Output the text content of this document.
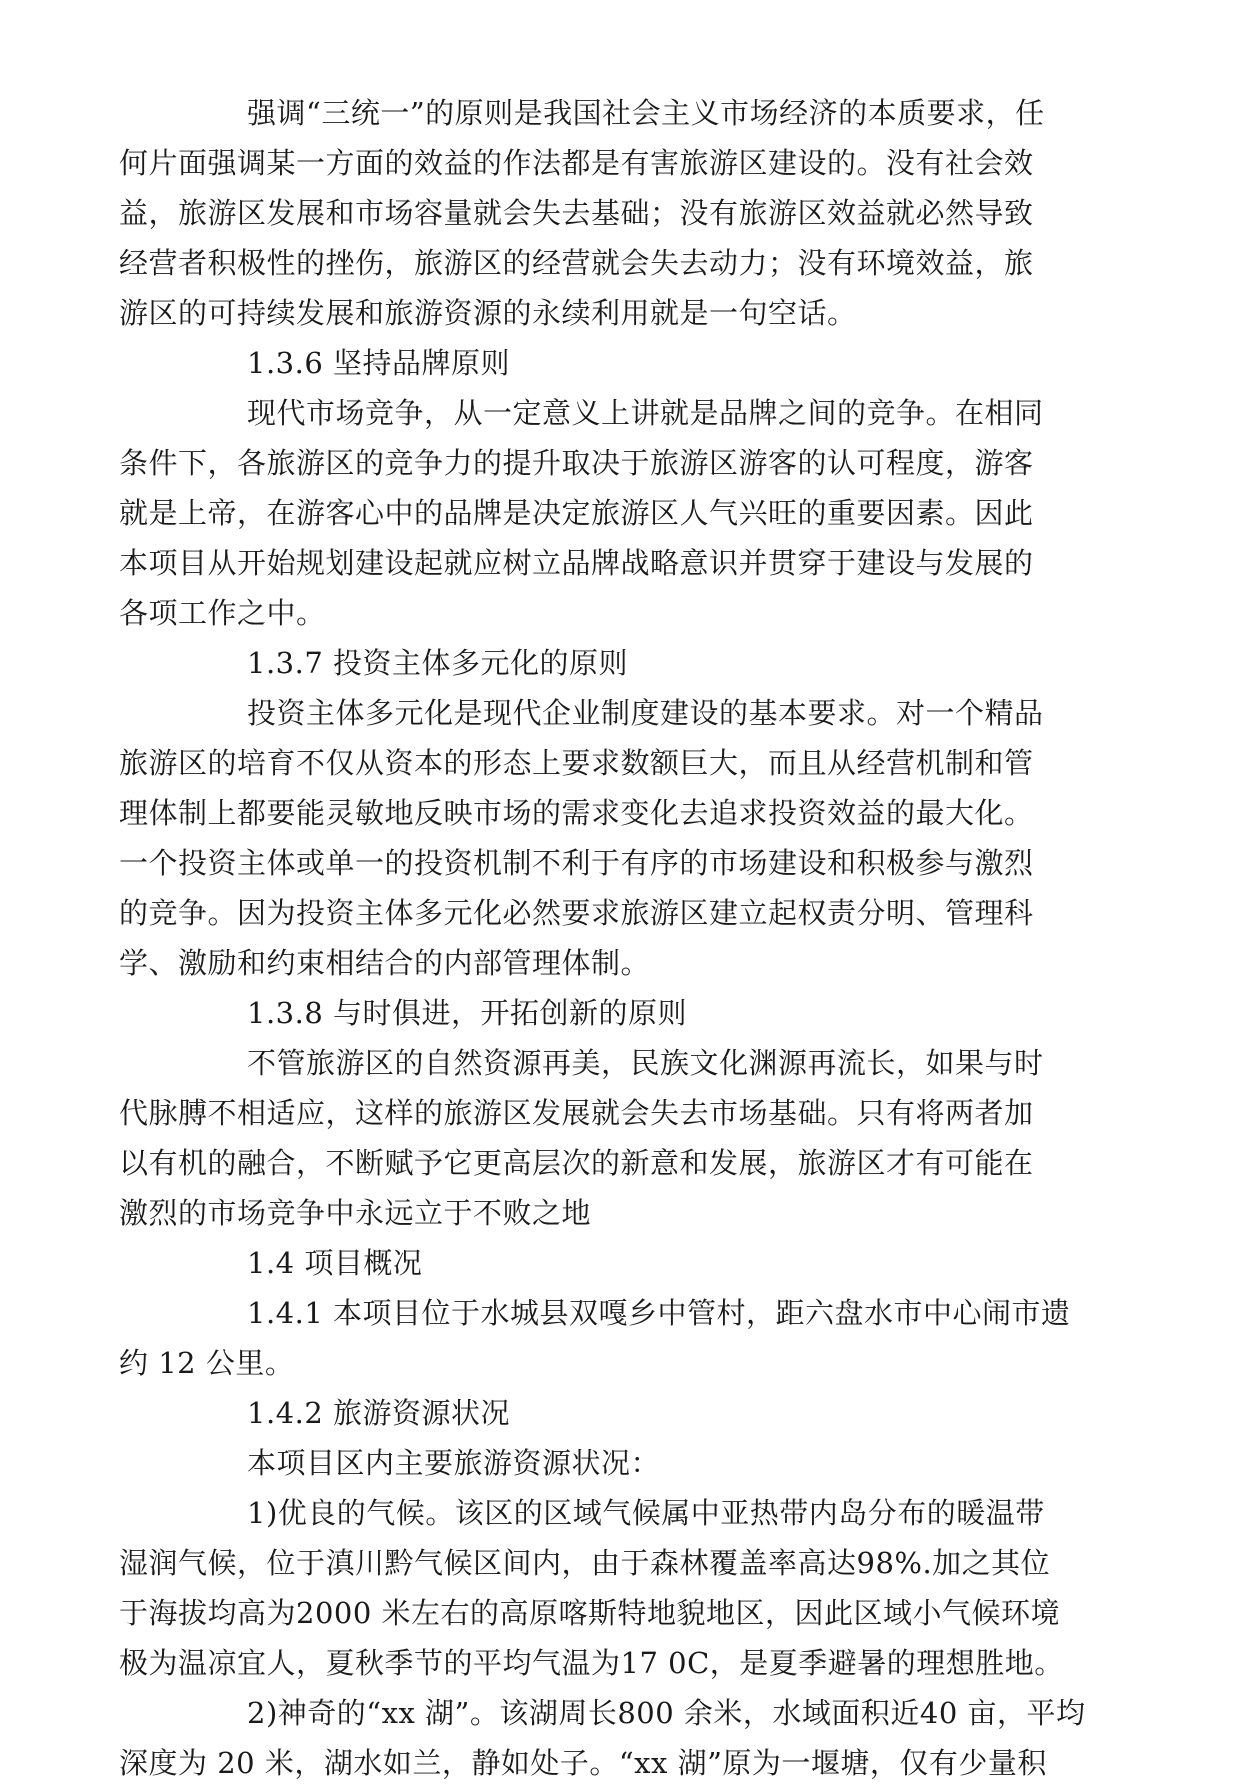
强调“三统一”的原则是我国社会主义市场经济的本质要求，任
何片面强调某一方面的效益的作法都是有害旅游区建设的。没有社会效
益，旅游区发展和市场容量就会失去基础；没有旅游区效益就必然导致
经营者积极性的挫伤，旅游区的经营就会失去动力；没有环境效益，旅
游区的可持续发展和旅游资源的永续利用就是一句空话。
1.3.6 坚持品牌原则
现代市场竞争，从一定意义上讲就是品牌之间的竞争。在相同
条件下，各旅游区的竞争力的提升取决于旅游区游客的认可程度，游客
就是上帝，在游客心中的品牌是决定旅游区人气兴旺的重要因素。因此
本项目从开始规划建设起就应树立品牌战略意识并贯穿于建设与发展的
各项工作之中。
1.3.7 投资主体多元化的原则
投资主体多元化是现代企业制度建设的基本要求。对一个精品
旅游区的培育不仅从资本的形态上要求数额巨大，而且从经营机制和管
理体制上都要能灵敏地反映市场的需求变化去追求投资效益的最大化。
一个投资主体或单一的投资机制不利于有序的市场建设和积极参与激烈
的竞争。因为投资主体多元化必然要求旅游区建立起权责分明、管理科
学、激励和约束相结合的内部管理体制。
1.3.8 与时俱进，开拓创新的原则
不管旅游区的自然资源再美，民族文化渊源再流长，如果与时
代脉膊不相适应，这样的旅游区发展就会失去市场基础。只有将两者加
以有机的融合，不断赋予它更高层次的新意和发展，旅游区才有可能在
激烈的市场竞争中永远立于不败之地
1.4 项目概况
1.4.1 本项目位于水城县双嘎乡中管村，距六盘水市中心闹市遗
约 12 公里。
1.4.2 旅游资源状况
本项目区内主要旅游资源状况：
1)优良的气候。该区的区域气候属中亚热带内岛分布的暖温带
湿润气候，位于滇川黔气候区间内，由于森林覆盖率高达98%.加之其位
于海拔均高为2000 米左右的高原喀斯特地貌地区，因此区域小气候环境
极为温凉宜人，夏秋季节的平均气温为17 0C，是夏季避暑的理想胜地。
2)神奇的“xx 湖”。该湖周长800 余米，水域面积近40 亩，平均
深度为 20 米，湖水如兰，静如处子。“xx 湖”原为一堰塘，仅有少量积
